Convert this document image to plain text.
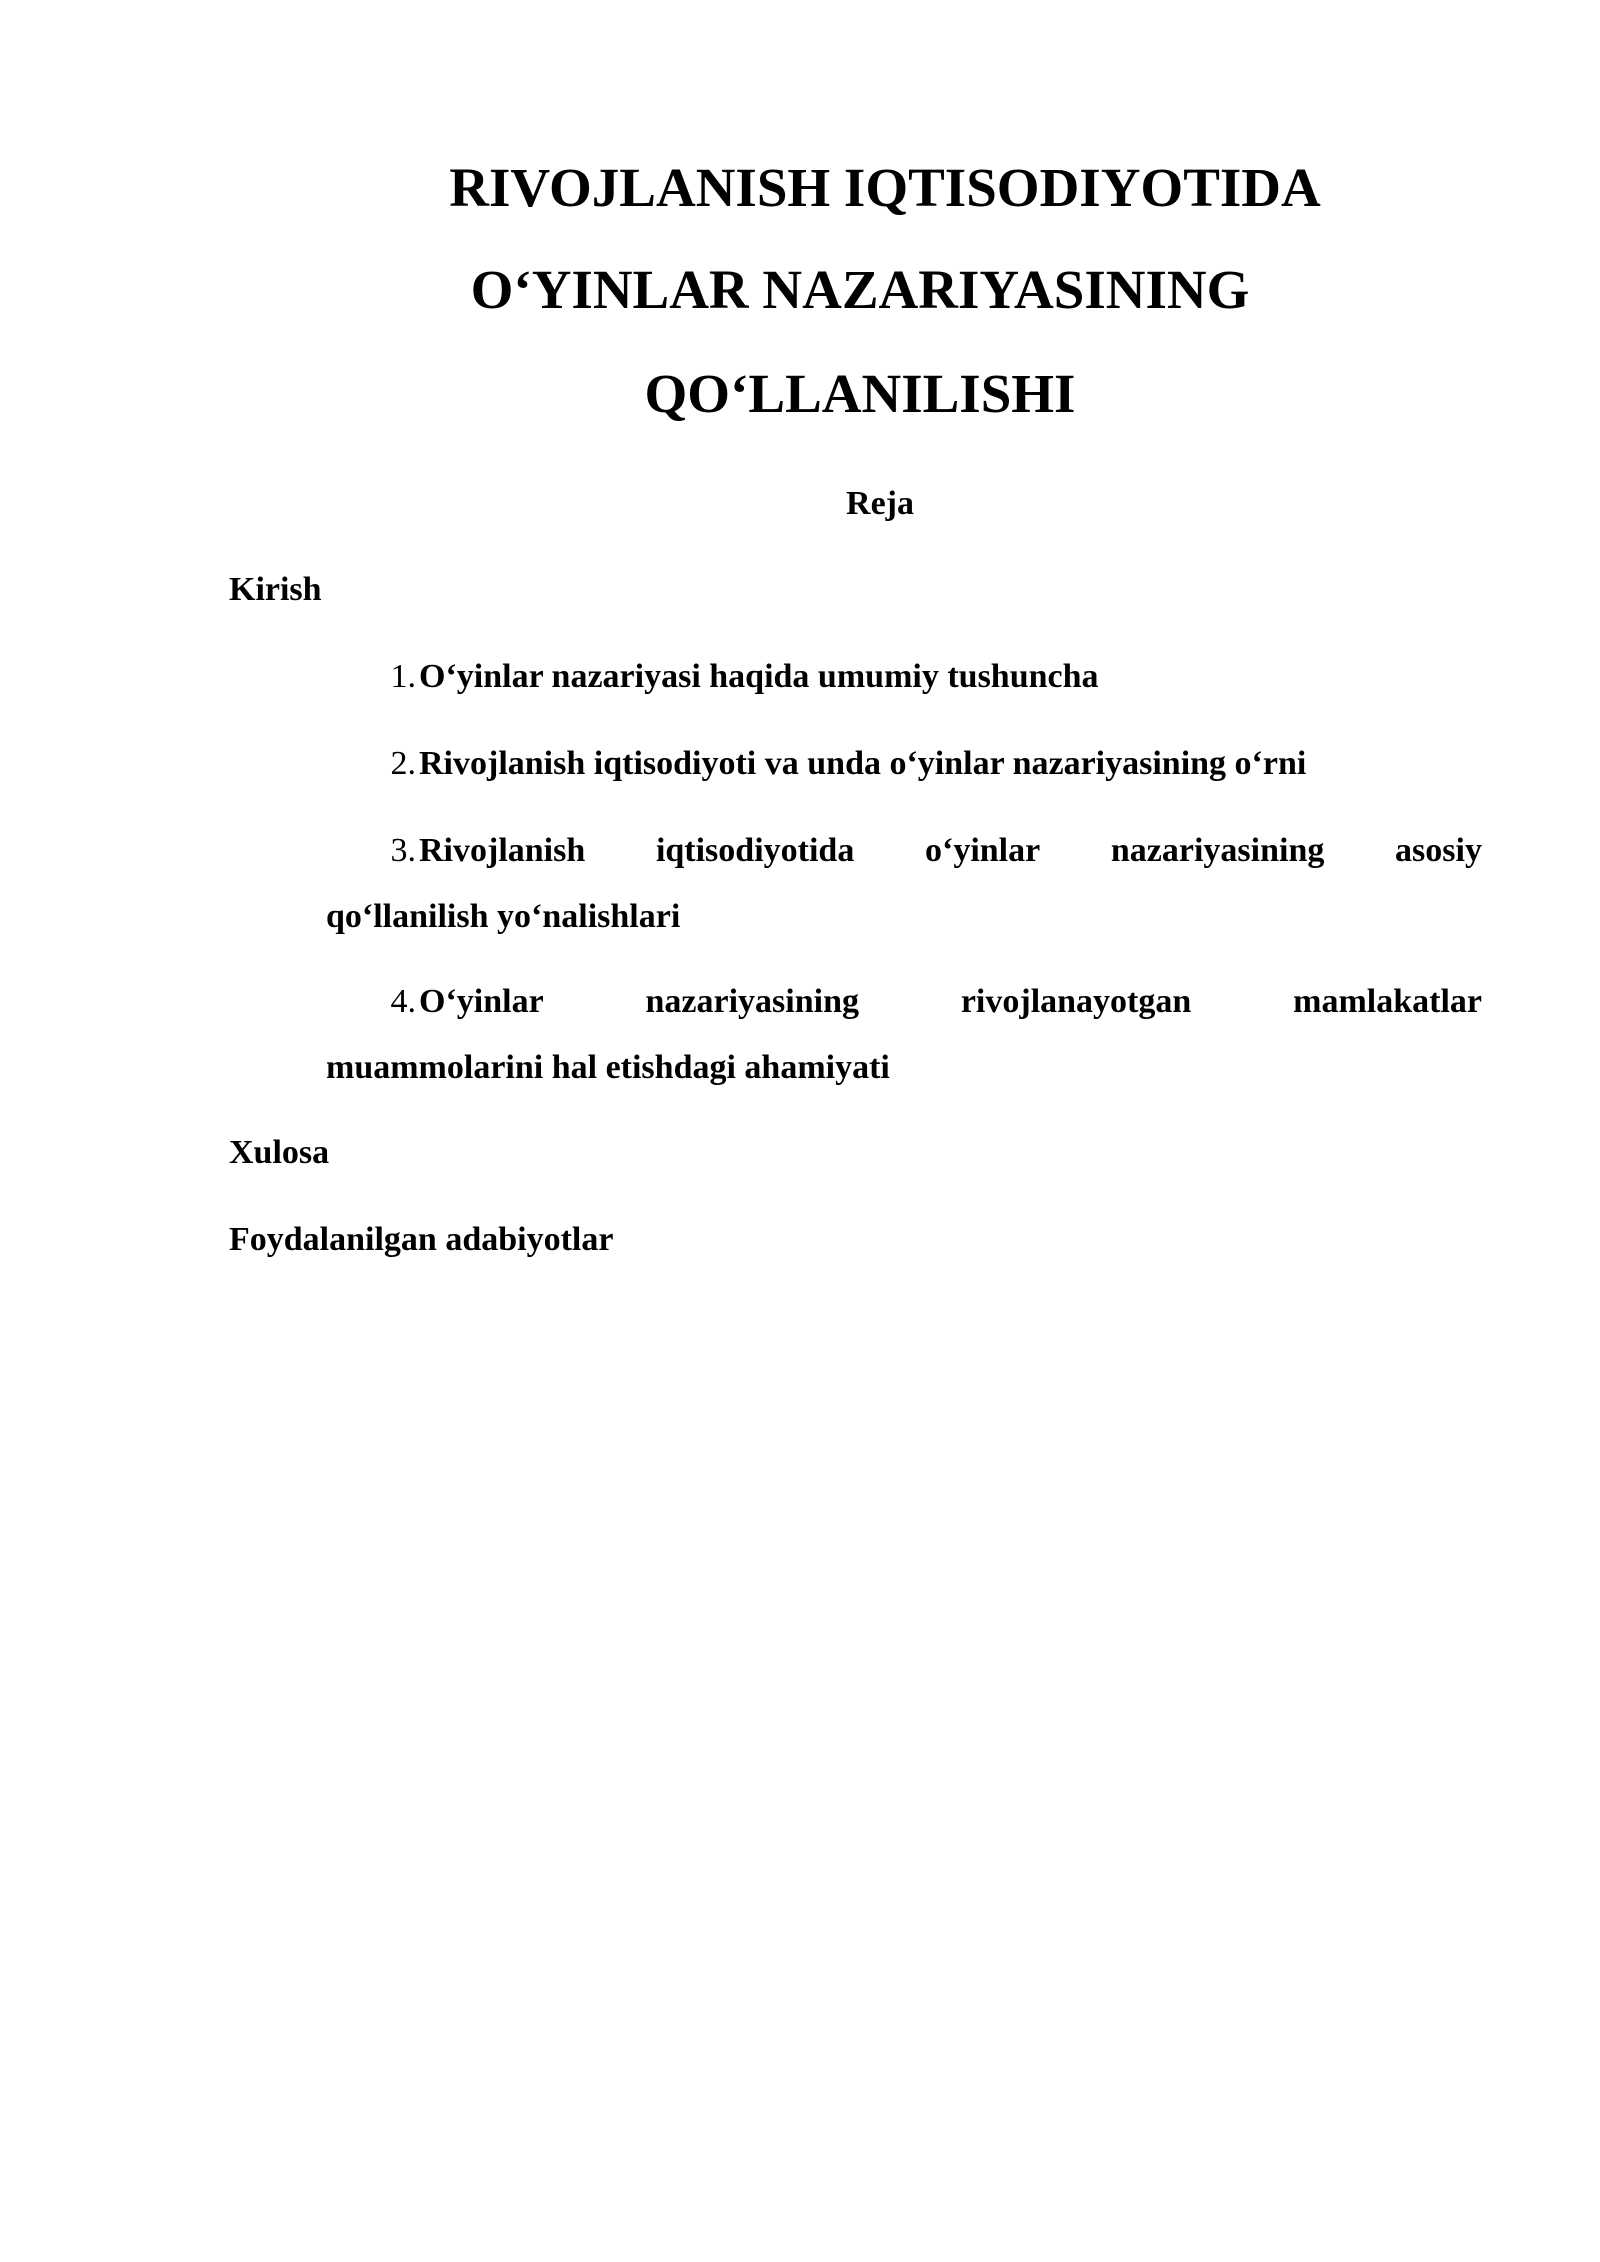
RIVOJLANISH IQTISODIYOTIDA
O‘YINLAR NAZARIYASINING
QO‘LLANILISHI
Reja
Kirish
1. O‘yinlar nazariyasi haqida umumiy tushuncha
2. Rivojlanish iqtisodiyoti va unda o‘yinlar nazariyasining o‘rni
3. Rivojlanish iqtisodiyotida o‘yinlar nazariyasining asosiy
qo‘llanilish yo‘nalishlari
4. O‘yinlar	nazariyasining	rivojlanayotgan	mamlakatlar
muammolarini hal etishdagi ahamiyati
Xulosa
Foydalanilgan adabiyotlar
